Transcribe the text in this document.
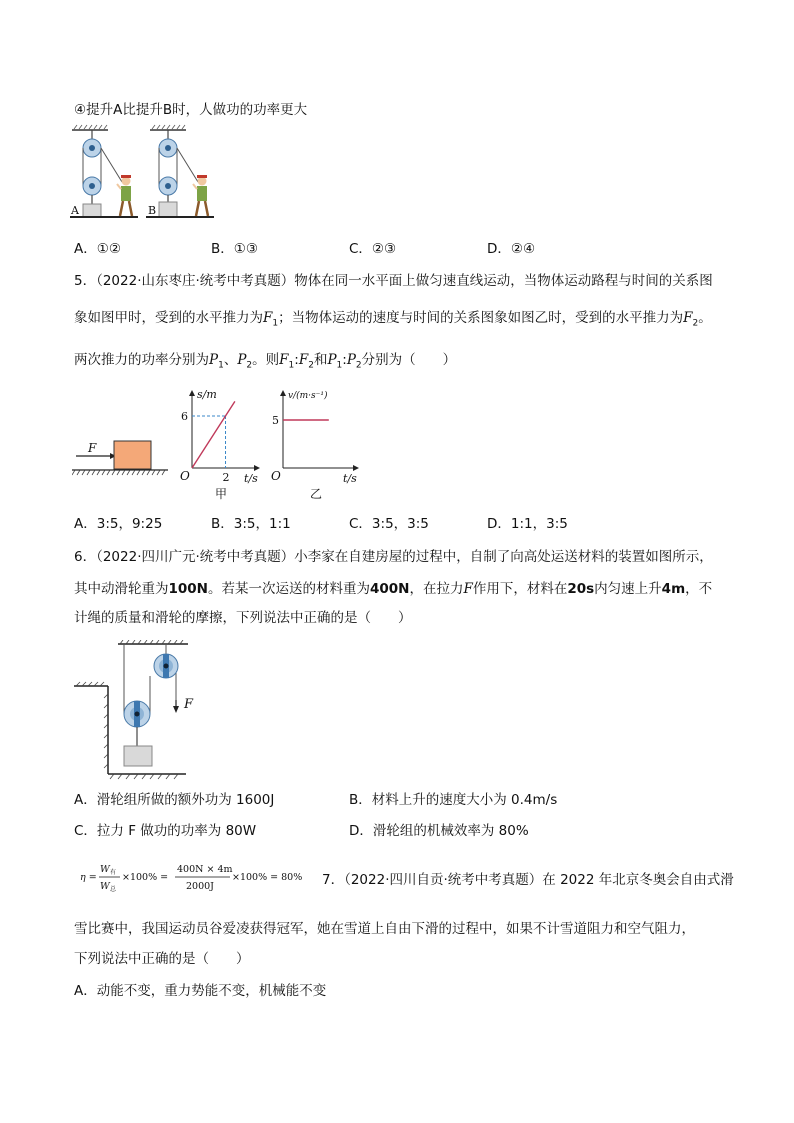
④提升A比提升B时，人做功的功率更大
A	B
A．①②	B．①③	C．②③	D．②④
5．（2022·山东枣庄·统考中考真题）物体在同一水平面上做匀速直线运动，当物体运动路程与时间的关系图
象如图甲时，受到的水平推力为$F_1$；当物体运动的速度与时间的关系图象如图乙时，受到的水平推力为$F_2$。
两次推力的功率分别为$P_1$、$P_2$。则$F_1:F_2$和$P_1:P_2$分别为（　　）
F
O	t/s
s/m
6
2
甲
O	t/s
v/(m·s⁻¹)
5
乙
A．3:5，9:25	B．3:5，1:1	C．3:5，3:5	D．1:1，3:5
6．（2022·四川广元·统考中考真题）小李家在自建房屋的过程中，自制了向高处运送材料的装置如图所示，
其中动滑轮重为100N。若某一次运送的材料重为400N，在拉力F作用下，材料在20s内匀速上升4m，不
计绳的质量和滑轮的摩擦，下列说法中正确的是（　　）
F
A．滑轮组所做的额外功为 1600J	B．材料上升的速度大小为 0.4m/s
C．拉力 F 做功的功率为 80W	D．滑轮组的机械效率为 80%
η =
W 有
W 总
×100% =
400N × 4m
2000J
×100% = 80% 7．（2022·四川自贡·统考中考真题）在 2022 年北京冬奥会自由式滑
雪比赛中，我国运动员谷爱凌获得冠军，她在雪道上自由下滑的过程中，如果不计雪道阻力和空气阻力，
下列说法中正确的是（　　）
A．动能不变，重力势能不变，机械能不变
